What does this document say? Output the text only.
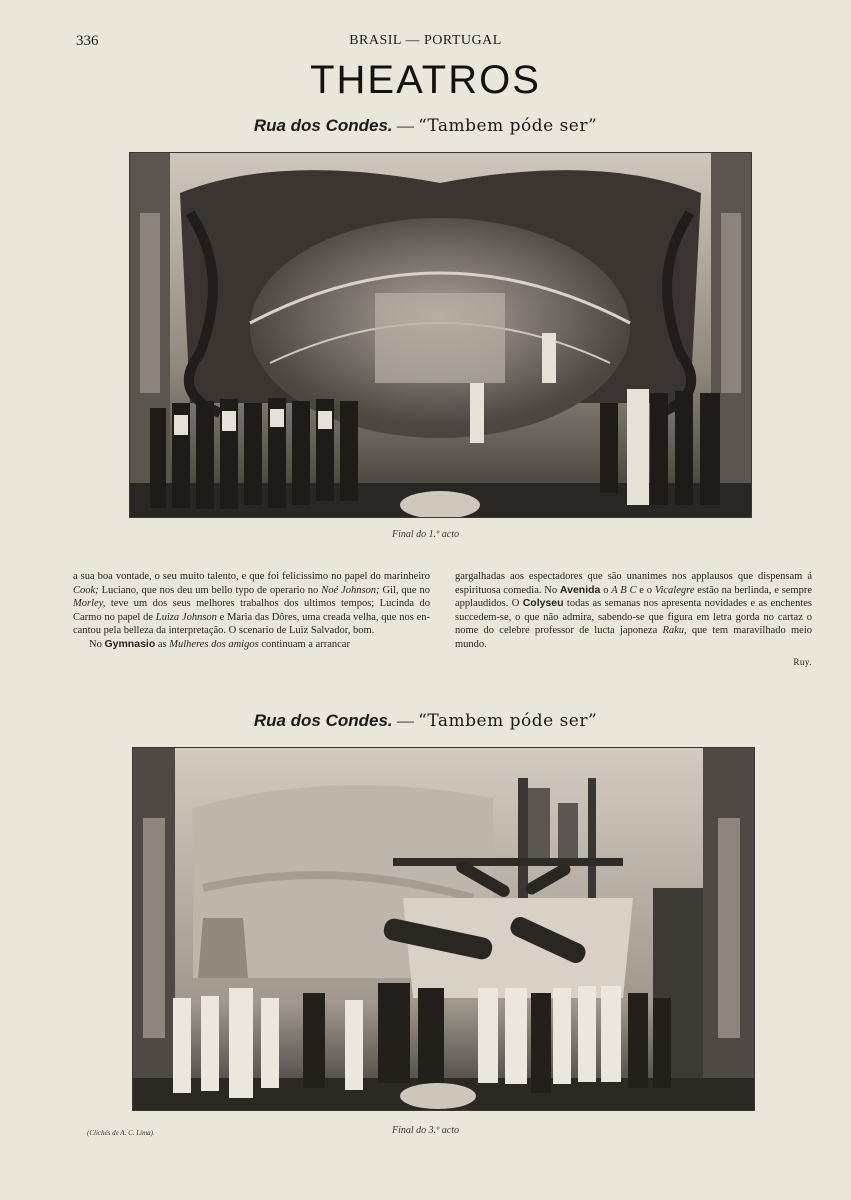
336	BRASIL — PORTUGAL
THEATROS
Rua dos Condes. — “Tambem póde ser”
Final do 1.º acto

a sua boa vontade, o seu muito talento, e que foi felicissimo no papel do marinheiro Cook; Luciano, que nos deu um bello typo de operario no Noé Johnson; Gil, que no Morley, teve um dos seus melhores trabalhos dos ultimos tempos; Lucinda do Carmo no papel de Luiza Johnson e Maria das Dôres, uma creada velha, que nos encantou pela belleza da interpretação. O scenario de Luiz Salvador, bom.

No Gymnasio as Mulheres dos amigos continuam a arrancar

gargalhadas aos espectadores que são unanimes nos applausos que dispensam á espirituosa comedia. No Avenida o A B C e o Vicalegre estão na berlinda, e sempre applaudidos. O Colyseu todas as semanas nos apresenta novidades e as enchentes succedem-se, o que não admira, sabendo-se que figura em letra gorda no cartaz o nome do celebre professor de lucta japoneza Raku, que tem maravilhado meio mundo.

Ruy.
Rua dos Condes. — “Tambem póde ser”
(Clichés de A. C. Lima).	Final do 3.º acto
